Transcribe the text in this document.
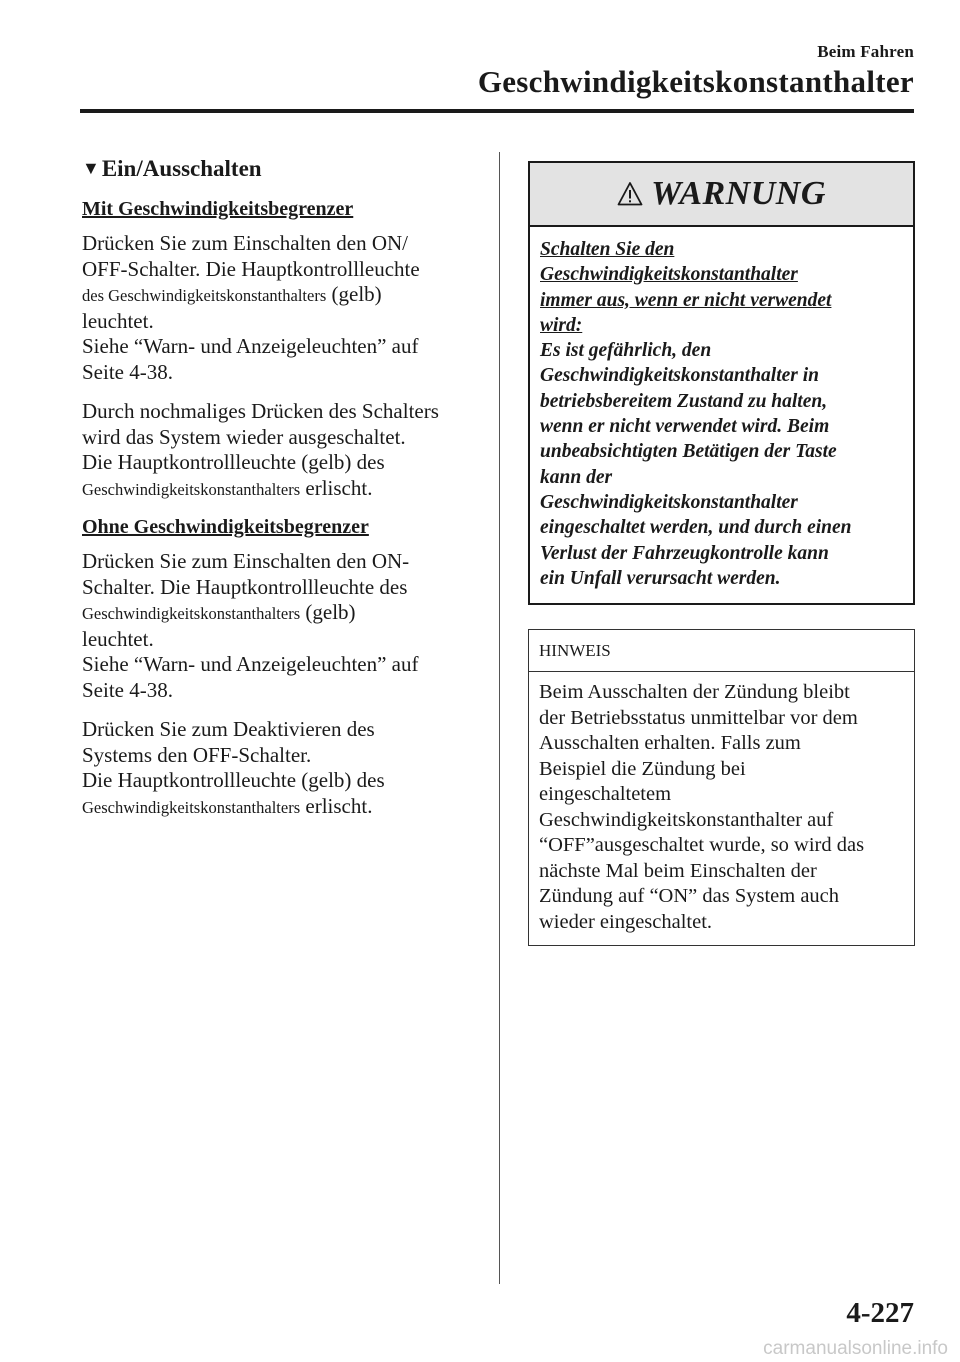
Beim Fahren
Geschwindigkeitskonstanthalter
▼ Ein/Ausschalten
Mit Geschwindigkeitsbegrenzer
Drücken Sie zum Einschalten den ON/
OFF-Schalter. Die Hauptkontrollleuchte
des Geschwindigkeitskonstanthalters (gelb)
leuchtet.
Siehe “Warn- und Anzeigeleuchten” auf
Seite 4-38.
Durch nochmaliges Drücken des Schalters
wird das System wieder ausgeschaltet.
Die Hauptkontrollleuchte (gelb) des
Geschwindigkeitskonstanthalters erlischt.
Ohne Geschwindigkeitsbegrenzer
Drücken Sie zum Einschalten den ON-
Schalter. Die Hauptkontrollleuchte des
Geschwindigkeitskonstanthalters (gelb)
leuchtet.
Siehe “Warn- und Anzeigeleuchten” auf
Seite 4-38.
Drücken Sie zum Deaktivieren des
Systems den OFF-Schalter.
Die Hauptkontrollleuchte (gelb) des
Geschwindigkeitskonstanthalters erlischt.
WARNUNG
Schalten Sie den
Geschwindigkeitskonstanthalter
immer aus, wenn er nicht verwendet
wird:
Es ist gefährlich, den
Geschwindigkeitskonstanthalter in
betriebsbereitem Zustand zu halten,
wenn er nicht verwendet wird. Beim
unbeabsichtigten Betätigen der Taste
kann der
Geschwindigkeitskonstanthalter
eingeschaltet werden, und durch einen
Verlust der Fahrzeugkontrolle kann
ein Unfall verursacht werden.
HINWEIS
Beim Ausschalten der Zündung bleibt
der Betriebsstatus unmittelbar vor dem
Ausschalten erhalten. Falls zum
Beispiel die Zündung bei
eingeschaltetem
Geschwindigkeitskonstanthalter auf
“OFF”ausgeschaltet wurde, so wird das
nächste Mal beim Einschalten der
Zündung auf “ON” das System auch
wieder eingeschaltet.
4-227
carmanualsonline.info
